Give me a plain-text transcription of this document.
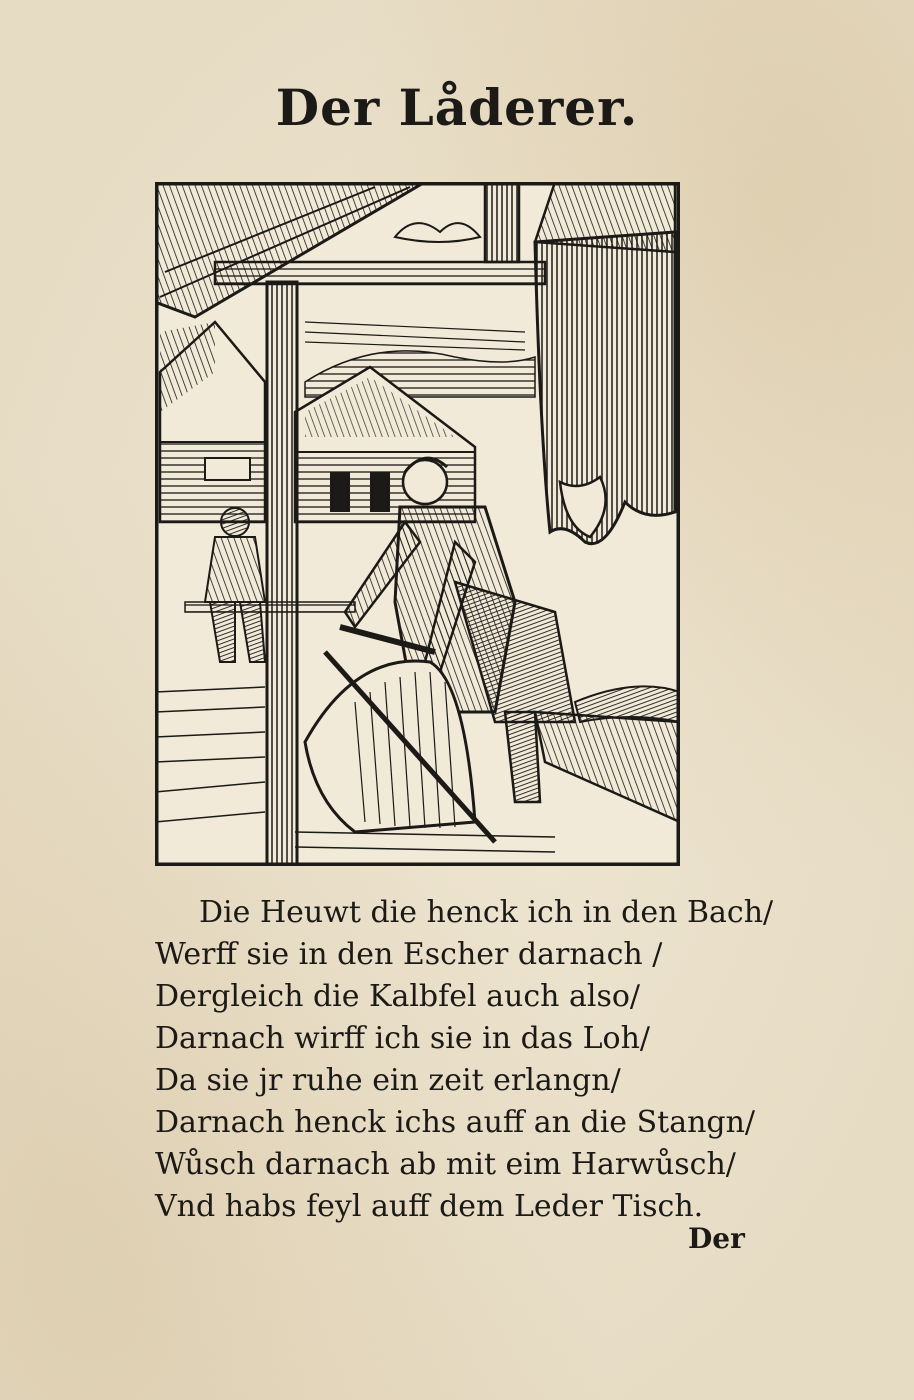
Der Låderer.
Die Heuwt die henck ich in den Bach/
Werff sie in den Escher darnach /
Dergleich die Kalbfel auch also/
Darnach wirff ich sie in das Loh/
Da sie jr ruhe ein zeit erlangn/
Darnach henck ichs auff an die Stangn/
Wůsch darnach ab mit eim Harwůsch/
Vnd habs feyl auff dem Leder Tisch.
Der
